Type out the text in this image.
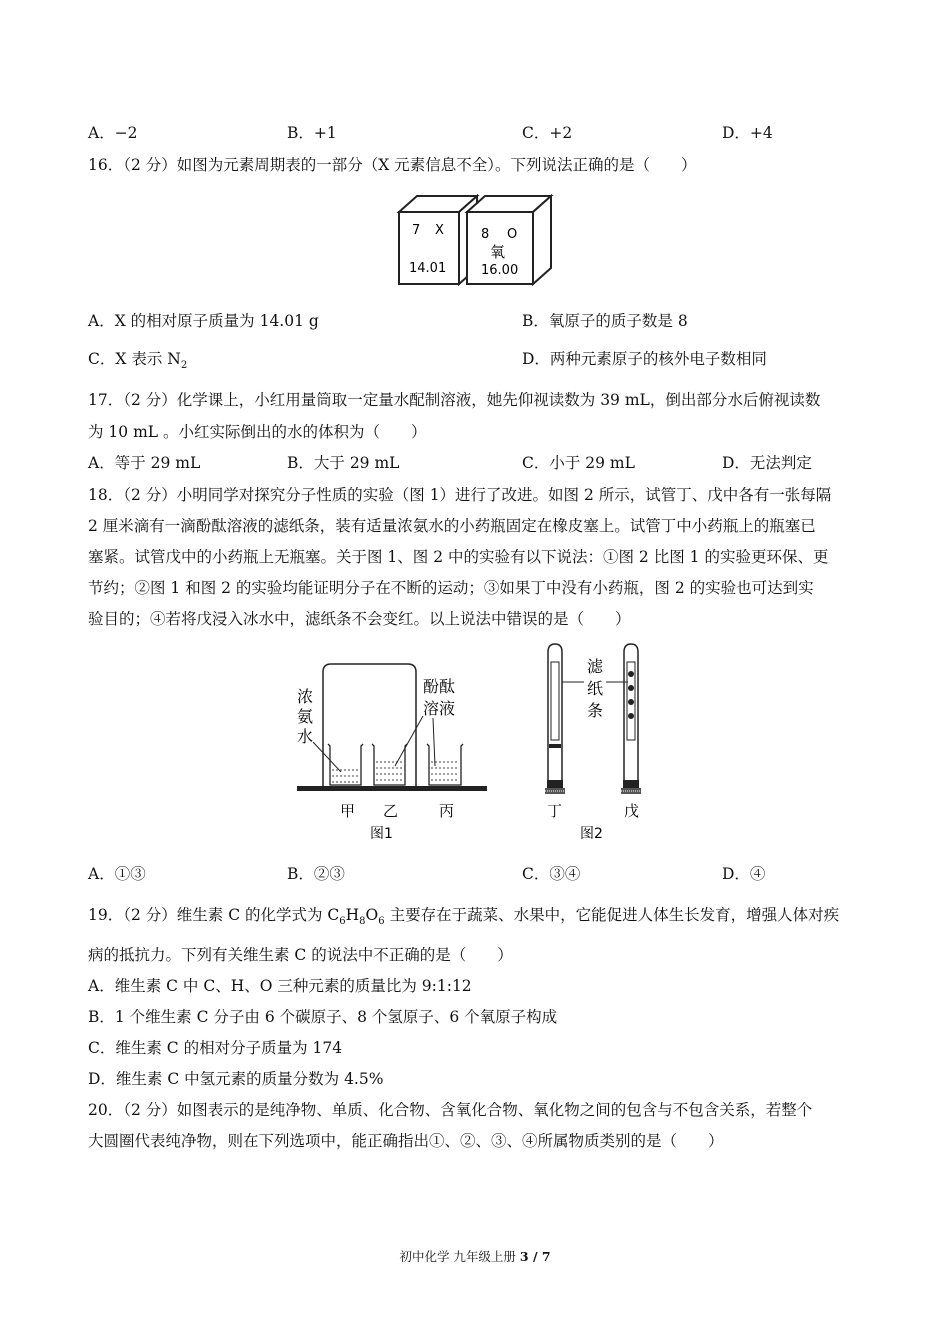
A．−2	B．+1	C．+2	D．+4
16．（2 分）如图为元素周期表的一部分（X 元素信息不全）。下列说法正确的是（　　）
7 X
14.01
8 O
氧
16.00
A．X 的相对原子质量为 14.01 g	B．氧原子的质子数是 8
C．X 表示 $N_2$	D．两种元素原子的核外电子数相同
17．（2 分）化学课上，小红用量筒取一定量水配制溶液，她先仰视读数为 39 mL，倒出部分水后俯视读数
为 10 mL 。小红实际倒出的水的体积为（　　）
A．等于 29 mL	B．大于 29 mL	C．小于 29 mL	D．无法判定
18．（2 分）小明同学对探究分子性质的实验（图 1）进行了改进。如图 2 所示，试管丁、戊中各有一张每隔
2 厘米滴有一滴酚酞溶液的滤纸条，装有适量浓氨水的小药瓶固定在橡皮塞上。试管丁中小药瓶上的瓶塞已
塞紧。试管戊中的小药瓶上无瓶塞。关于图 1、图 2 中的实验有以下说法：①图 2 比图 1 的实验更环保、更
节约；②图 1 和图 2 的实验均能证明分子在不断的运动；③如果丁中没有小药瓶，图 2 的实验也可达到实
验目的；④若将戊浸入冰水中，滤纸条不会变红。以上说法中错误的是（　　）
浓
氨
水
酚酞
溶液
甲 乙	丙
图1
滤
纸
条
丁	戊
图2
A．①③	B．②③	C．③④	D．④
19．（2 分）维生素 C 的化学式为 $C_6H_8O_6$ 主要存在于蔬菜、水果中，它能促进人体生长发育，增强人体对疾
病的抵抗力。下列有关维生素 C 的说法中不正确的是（　　）
A．维生素 C 中 C、H、O 三种元素的质量比为 9:1:12
B．1 个维生素 C 分子由 6 个碳原子、8 个氢原子、6 个氧原子构成
C．维生素 C 的相对分子质量为 174
D．维生素 C 中氢元素的质量分数为 4.5%
20．（2 分）如图表示的是纯净物、单质、化合物、含氧化合物、氧化物之间的包含与不包含关系，若整个
大圆圈代表纯净物，则在下列选项中，能正确指出①、②、③、④所属物质类别的是（　　）
初中化学 九年级上册 3 / 7
